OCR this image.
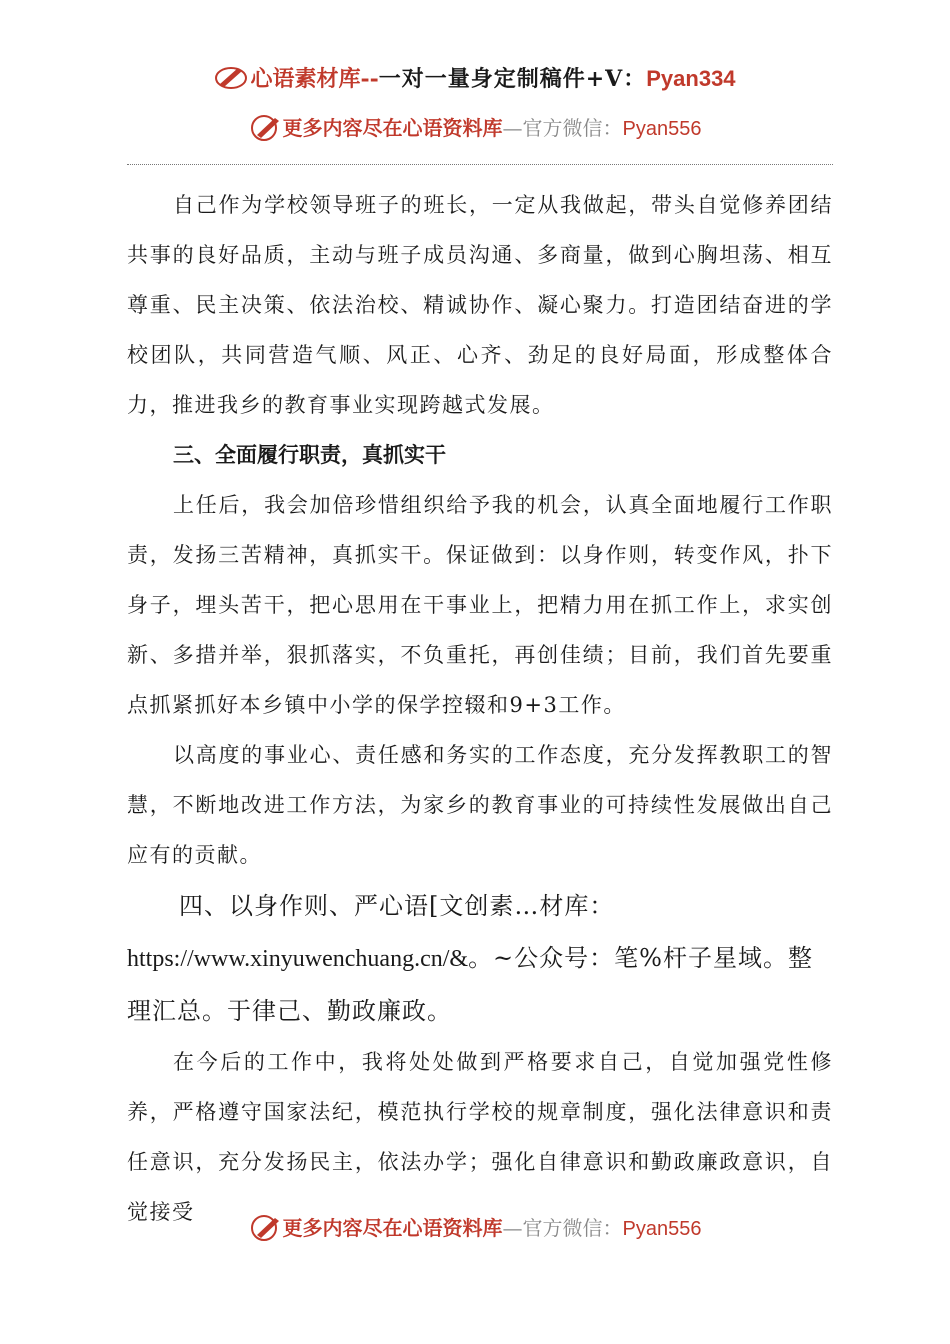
心语素材库--一对一量身定制稿件+V：Pyan334
更多内容尽在心语资料库—官方微信：Pyan556

自己作为学校领导班子的班长，一定从我做起，带头自觉修养团结共事的良好品质，主动与班子成员沟通、多商量，做到心胸坦荡、相互尊重、民主决策、依法治校、精诚协作、凝心聚力。打造团结奋进的学校团队，共同营造气顺、风正、心齐、劲足的良好局面，形成整体合力，推进我乡的教育事业实现跨越式发展。

三、全面履行职责，真抓实干

上任后，我会加倍珍惜组织给予我的机会，认真全面地履行工作职责，发扬三苦精神，真抓实干。保证做到：以身作则，转变作风，扑下身子，埋头苦干，把心思用在干事业上，把精力用在抓工作上，求实创新、多措并举，狠抓落实，不负重托，再创佳绩；目前，我们首先要重点抓紧抓好本乡镇中小学的保学控辍和9+3工作。

以高度的事业心、责任感和务实的工作态度，充分发挥教职工的智慧，不断地改进工作方法，为家乡的教育事业的可持续性发展做出自己应有的贡献。

四、以身作则、严心语[文创素…材库：

https://www.xinyuwenchuang.cn/&。~公众号：笔%杆子星域。整理汇总。于律己、勤政廉政。

在今后的工作中，我将处处做到严格要求自己，自觉加强党性修养，严格遵守国家法纪，模范执行学校的规章制度，强化法律意识和责任意识，充分发扬民主，依法办学；强化自律意识和勤政廉政意识，自觉接受

更多内容尽在心语资料库—官方微信：Pyan556
